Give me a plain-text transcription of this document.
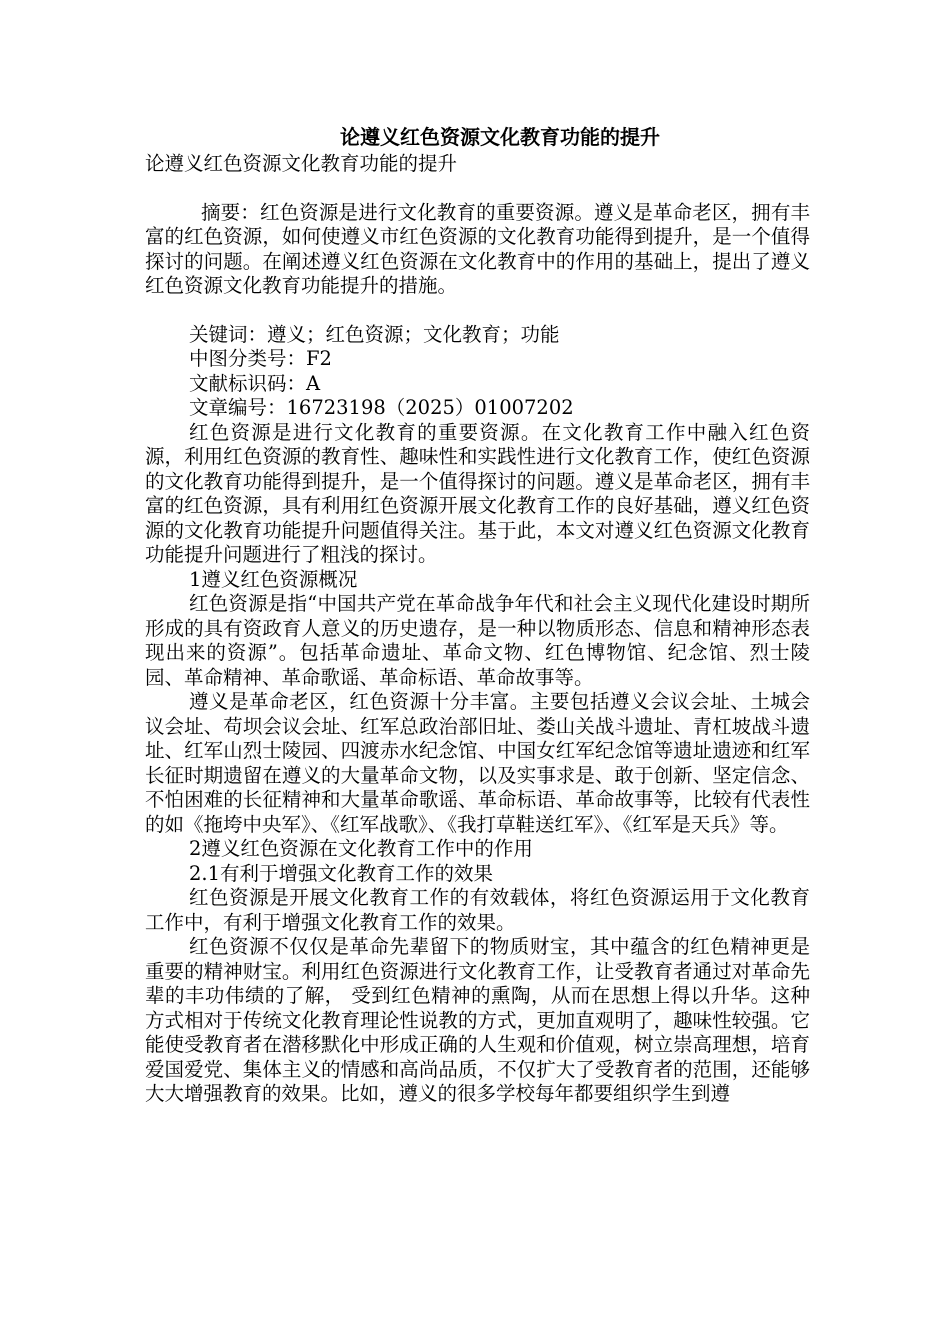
论遵义红色资源文化教育功能的提升
论遵义红色资源文化教育功能的提升
摘要：红色资源是进行文化教育的重要资源。遵义是革命老区，拥有丰富的红色资源，如何使遵义市红色资源的文化教育功能得到提升，是一个值得探讨的问题。在阐述遵义红色资源在文化教育中的作用的基础上，提出了遵义红色资源文化教育功能提升的措施。
关键词：遵义；红色资源；文化教育；功能
中图分类号：F2
文献标识码：A
文章编号：16723198（2025）01007202

红色资源是进行文化教育的重要资源。在文化教育工作中融入红色资源，利用红色资源的教育性、趣味性和实践性进行文化教育工作，使红色资源的文化教育功能得到提升，是一个值得探讨的问题。遵义是革命老区，拥有丰富的红色资源，具有利用红色资源开展文化教育工作的良好基础，遵义红色资源的文化教育功能提升问题值得关注。基于此，本文对遵义红色资源文化教育功能提升问题进行了粗浅的探讨。

1遵义红色资源概况

红色资源是指“中国共产党在革命战争年代和社会主义现代化建设时期所形成的具有资政育人意义的历史遗存，是一种以物质形态、信息和精神形态表现出来的资源”。包括革命遗址、革命文物、红色博物馆、纪念馆、烈士陵园、革命精神、革命歌谣、革命标语、革命故事等。

遵义是革命老区，红色资源十分丰富。主要包括遵义会议会址、土城会议会址、苟坝会议会址、红军总政治部旧址、娄山关战斗遗址、青杠坡战斗遗址、红军山烈士陵园、四渡赤水纪念馆、中国女红军纪念馆等遗址遗迹和红军长征时期遗留在遵义的大量革命文物，以及实事求是、敢于创新、坚定信念、不怕困难的长征精神和大量革命歌谣、革命标语、革命故事等，比较有代表性的如《拖垮中央军》、《红军战歌》、《我打草鞋送红军》、《红军是天兵》等。

2遵义红色资源在文化教育工作中的作用
2.1有利于增强文化教育工作的效果

红色资源是开展文化教育工作的有效载体，将红色资源运用于文化教育工作中，有利于增强文化教育工作的效果。

红色资源不仅仅是革命先辈留下的物质财宝，其中蕴含的红色精神更是重要的精神财宝。利用红色资源进行文化教育工作，让受教育者通过对革命先辈的丰功伟绩的了解， 受到红色精神的熏陶，从而在思想上得以升华。这种方式相对于传统文化教育理论性说教的方式，更加直观明了，趣味性较强。它能使受教育者在潜移默化中形成正确的人生观和价值观，树立崇高理想，培育爱国爱党、集体主义的情感和高尚品质，不仅扩大了受教育者的范围，还能够大大增强教育的效果。比如，遵义的很多学校每年都要组织学生到遵
